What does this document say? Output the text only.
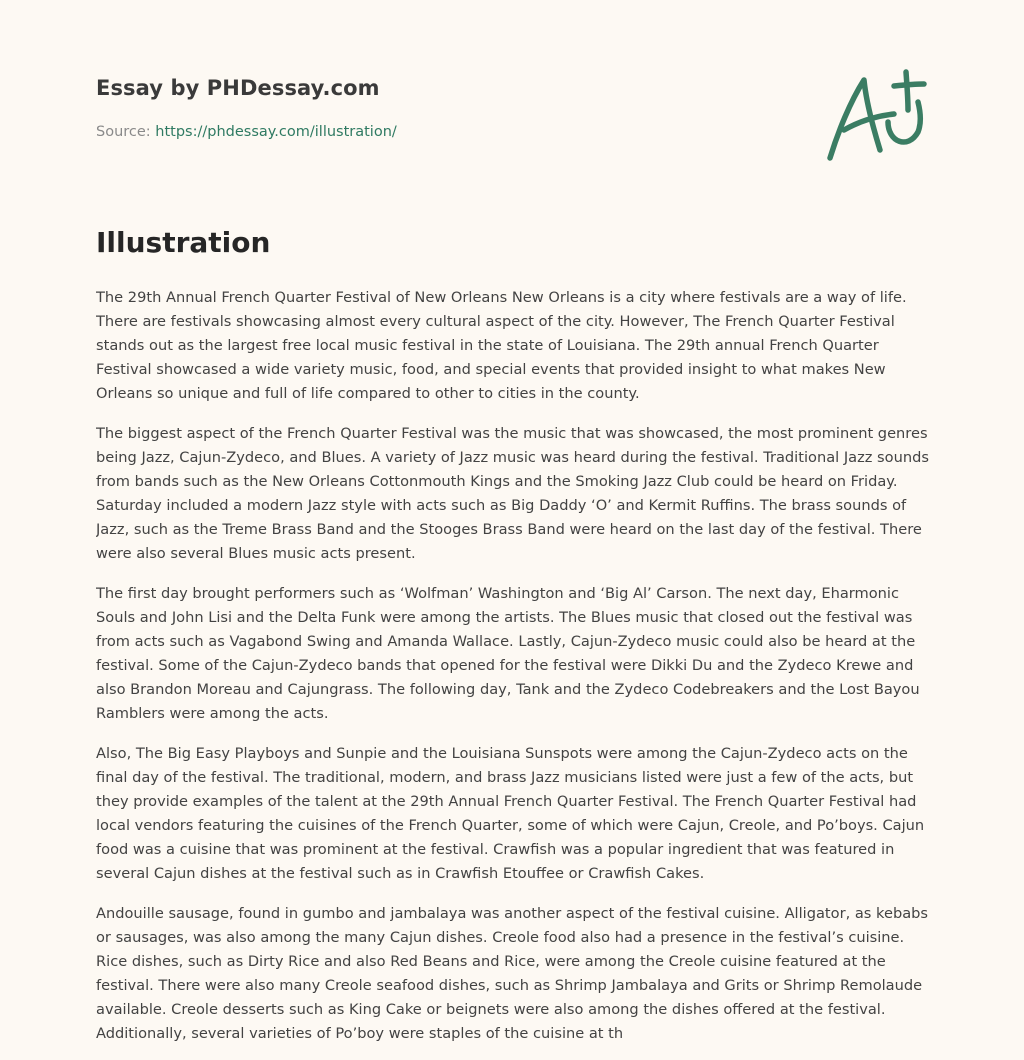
Essay by PHDessay.com
Source: https://phdessay.com/illustration/
Illustration

The 29th Annual French Quarter Festival of New Orleans New Orleans is a city where festivals are a way of life. There are festivals showcasing almost every cultural aspect of the city. However, The French Quarter Festival stands out as the largest free local music festival in the state of Louisiana. The 29th annual French Quarter Festival showcased a wide variety music, food, and special events that provided insight to what makes New Orleans so unique and full of life compared to other to cities in the county.

The biggest aspect of the French Quarter Festival was the music that was showcased, the most prominent genres being Jazz, Cajun-Zydeco, and Blues. A variety of Jazz music was heard during the festival. Traditional Jazz sounds from bands such as the New Orleans Cottonmouth Kings and the Smoking Jazz Club could be heard on Friday. Saturday included a modern Jazz style with acts such as Big Daddy ‘O’ and Kermit Ruffins. The brass sounds of Jazz, such as the Treme Brass Band and the Stooges Brass Band were heard on the last day of the festival. There were also several Blues music acts present.

The first day brought performers such as ‘Wolfman’ Washington and ‘Big Al’ Carson. The next day, Eharmonic Souls and John Lisi and the Delta Funk were among the artists. The Blues music that closed out the festival was from acts such as Vagabond Swing and Amanda Wallace. Lastly, Cajun-Zydeco music could also be heard at the festival. Some of the Cajun-Zydeco bands that opened for the festival were Dikki Du and the Zydeco Krewe and also Brandon Moreau and Cajungrass. The following day, Tank and the Zydeco Codebreakers and the Lost Bayou Ramblers were among the acts.

Also, The Big Easy Playboys and Sunpie and the Louisiana Sunspots were among the Cajun-Zydeco acts on the final day of the festival. The traditional, modern, and brass Jazz musicians listed were just a few of the acts, but they provide examples of the talent at the 29th Annual French Quarter Festival. The French Quarter Festival had local vendors featuring the cuisines of the French Quarter, some of which were Cajun, Creole, and Po’boys. Cajun food was a cuisine that was prominent at the festival. Crawfish was a popular ingredient that was featured in several Cajun dishes at the festival such as in Crawfish Etouffee or Crawfish Cakes.

Andouille sausage, found in gumbo and jambalaya was another aspect of the festival cuisine. Alligator, as kebabs or sausages, was also among the many Cajun dishes. Creole food also had a presence in the festival’s cuisine. Rice dishes, such as Dirty Rice and also Red Beans and Rice, were among the Creole cuisine featured at the festival. There were also many Creole seafood dishes, such as Shrimp Jambalaya and Grits or Shrimp Remolaude available. Creole desserts such as King Cake or beignets were also among the dishes offered at the festival. Additionally, several varieties of Po’boy were staples of the cuisine at th
